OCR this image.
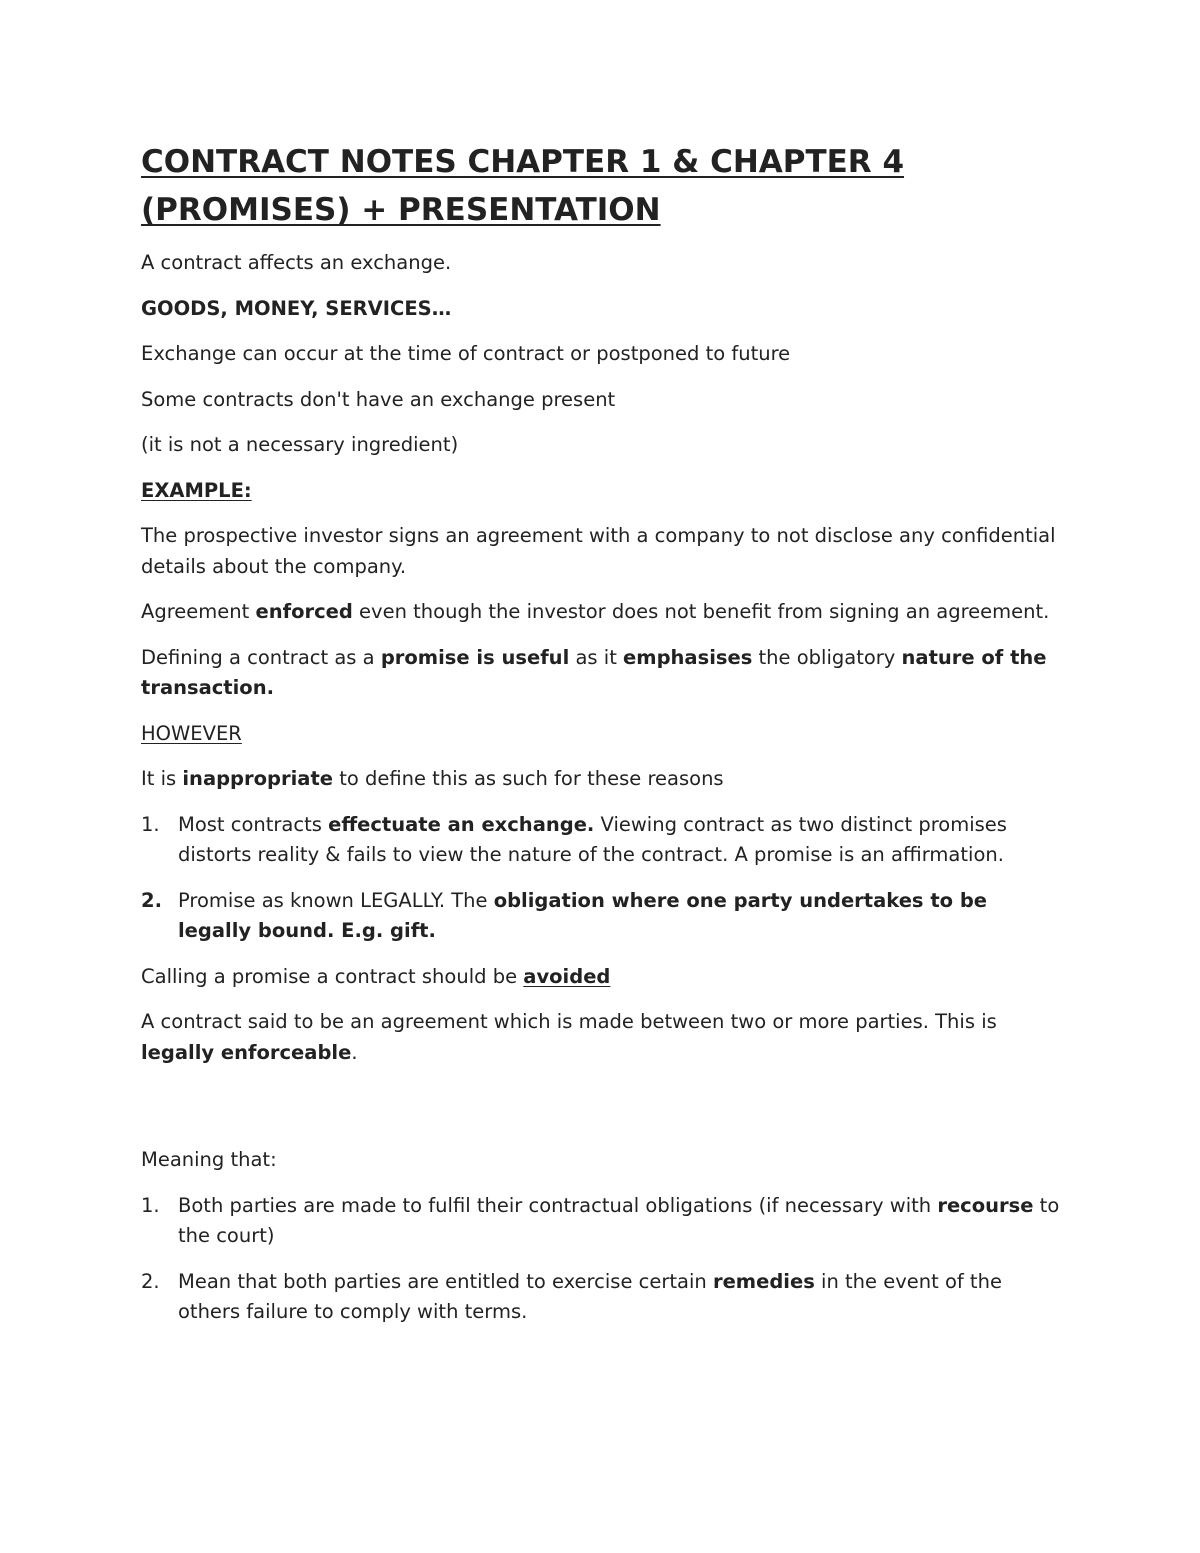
CONTRACT NOTES CHAPTER 1 & CHAPTER 4
(PROMISES) + PRESENTATION

A contract affects an exchange.

GOODS, MONEY, SERVICES…

Exchange can occur at the time of contract or postponed to future

Some contracts don't have an exchange present

(it is not a necessary ingredient)

EXAMPLE:

The prospective investor signs an agreement with a company to not disclose any confidential details about the company.

Agreement enforced even though the investor does not benefit from signing an agreement.

Defining a contract as a promise is useful as it emphasises the obligatory nature of the transaction.

HOWEVER

It is inappropriate to define this as such for these reasons

1. Most contracts effectuate an exchange. Viewing contract as two distinct promises distorts reality & fails to view the nature of the contract. A promise is an affirmation.
2. Promise as known LEGALLY. The obligation where one party undertakes to be legally bound. E.g. gift.

Calling a promise a contract should be avoided

A contract said to be an agreement which is made between two or more parties. This is legally enforceable.

Meaning that:

1. Both parties are made to fulfil their contractual obligations (if necessary with recourse to the court)
2. Mean that both parties are entitled to exercise certain remedies in the event of the others failure to comply with terms.
